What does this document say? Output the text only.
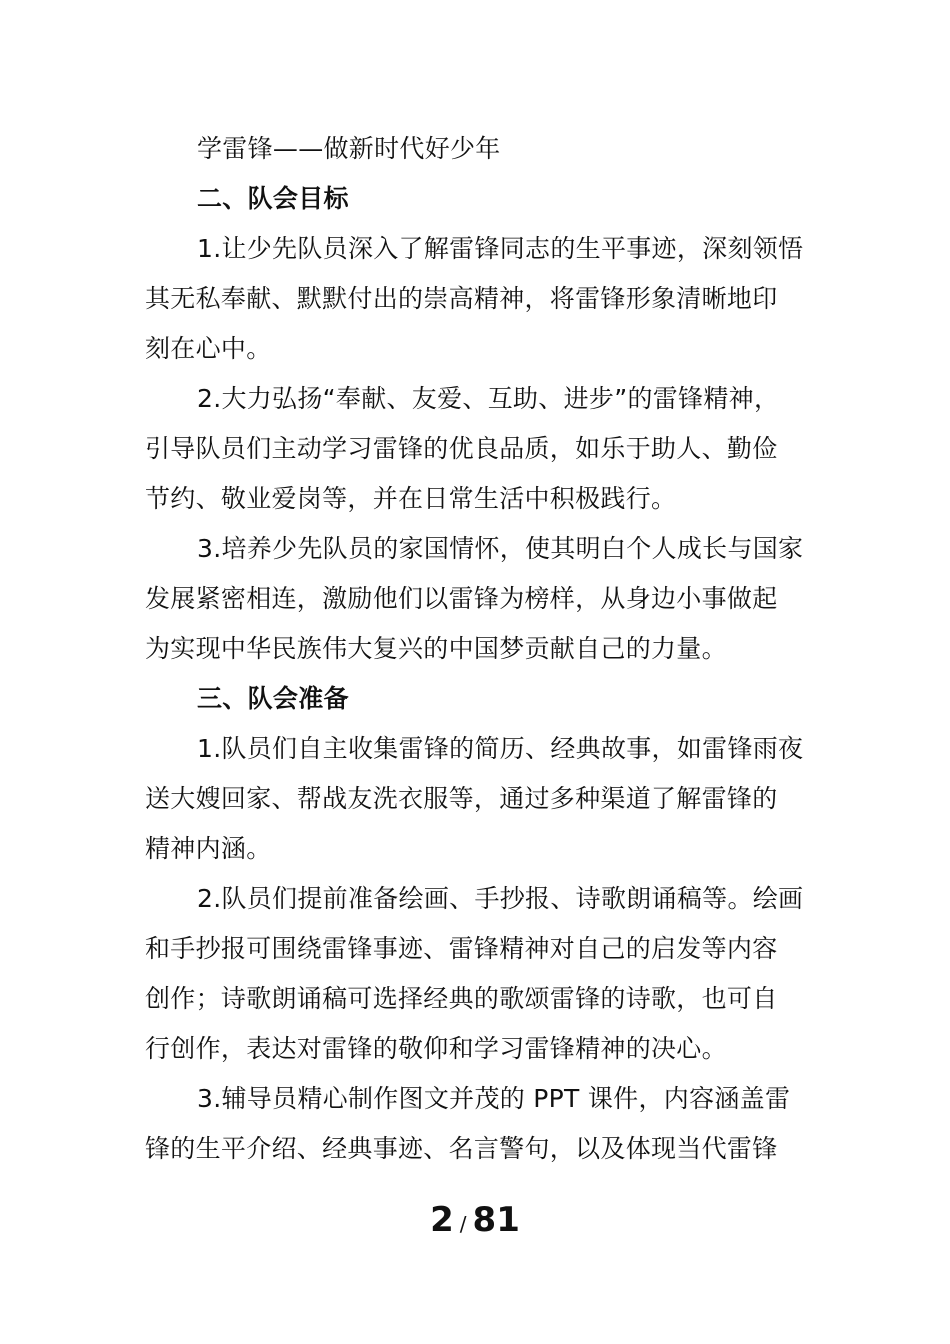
学雷锋——做新时代好少年
二、队会目标
1.让少先队员深入了解雷锋同志的生平事迹，深刻领悟
其无私奉献、默默付出的崇高精神，将雷锋形象清晰地印
刻在心中。
2.大力弘扬“奉献、友爱、互助、进步”的雷锋精神，
引导队员们主动学习雷锋的优良品质，如乐于助人、勤俭
节约、敬业爱岗等，并在日常生活中积极践行。
3.培养少先队员的家国情怀，使其明白个人成长与国家
发展紧密相连，激励他们以雷锋为榜样，从身边小事做起
为实现中华民族伟大复兴的中国梦贡献自己的力量。
三、队会准备
1.队员们自主收集雷锋的简历、经典故事，如雷锋雨夜
送大嫂回家、帮战友洗衣服等，通过多种渠道了解雷锋的
精神内涵。
2.队员们提前准备绘画、手抄报、诗歌朗诵稿等。绘画
和手抄报可围绕雷锋事迹、雷锋精神对自己的启发等内容
创作；诗歌朗诵稿可选择经典的歌颂雷锋的诗歌，也可自
行创作，表达对雷锋的敬仰和学习雷锋精神的决心。
3.辅导员精心制作图文并茂的 PPT 课件，内容涵盖雷
锋的生平介绍、经典事迹、名言警句，以及体现当代雷锋
2 / 81
